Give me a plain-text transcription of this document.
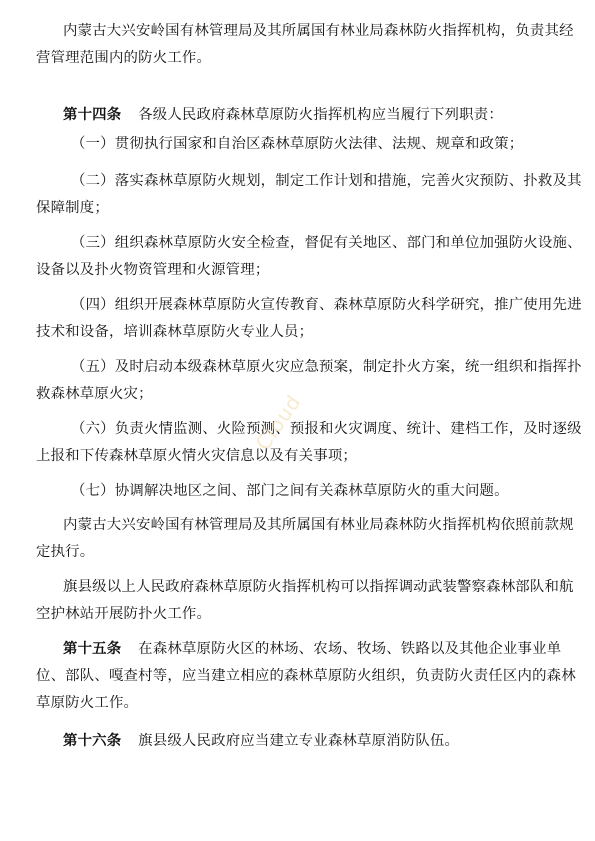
内蒙古大兴安岭国有林管理局及其所属国有林业局森林防火指挥机构，负责其经
营管理范围内的防火工作。
第十四条 各级人民政府森林草原防火指挥机构应当履行下列职责：
（一）贯彻执行国家和自治区森林草原防火法律、法规、规章和政策；
（二）落实森林草原防火规划，制定工作计划和措施，完善火灾预防、扑救及其
保障制度；
（三）组织森林草原防火安全检查，督促有关地区、部门和单位加强防火设施、
设备以及扑火物资管理和火源管理；
（四）组织开展森林草原防火宣传教育、森林草原防火科学研究，推广使用先进
技术和设备，培训森林草原防火专业人员；
（五）及时启动本级森林草原火灾应急预案，制定扑火方案，统一组织和指挥扑
救森林草原火灾；
（六）负责火情监测、火险预测、预报和火灾调度、统计、建档工作，及时逐级
上报和下传森林草原火情火灾信息以及有关事项；
（七）协调解决地区之间、部门之间有关森林草原防火的重大问题。
内蒙古大兴安岭国有林管理局及其所属国有林业局森林防火指挥机构依照前款规
定执行。
旗县级以上人民政府森林草原防火指挥机构可以指挥调动武装警察森林部队和航
空护林站开展防扑火工作。
第十五条 在森林草原防火区的林场、农场、牧场、铁路以及其他企业事业单
位、部队、嘎查村等，应当建立相应的森林草原防火组织，负责防火责任区内的森林
草原防火工作。
第十六条 旗县级人民政府应当建立专业森林草原消防队伍。
Cloud
